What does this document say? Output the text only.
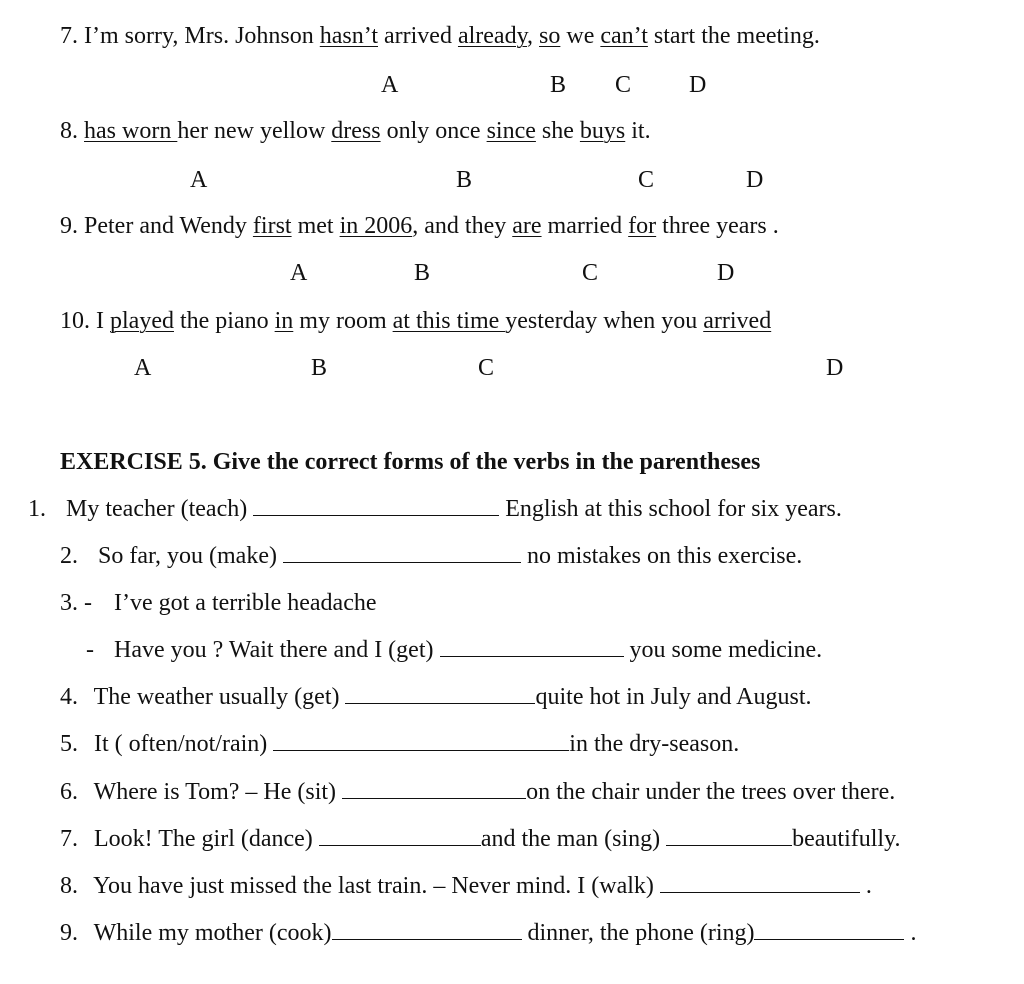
7. I’m sorry, Mrs. Johnson hasn’t arrived already, so we can’t start the meeting.
A	B C D
8. has worn her new yellow dress only once since she buys it.
A	B	C	D
9. Peter and Wendy first met in 2006, and they are married for three years .
A	B	C	D
10. I played the piano in my room at this time yesterday when you arrived
A	B	C	D
EXERCISE 5. Give the correct forms of the verbs in the parentheses
1. My teacher (teach)	English at this school for six years.
2. So far, you (make)	no mistakes on this exercise.
3. - I’ve got a terrible headache
- Have you ? Wait there and I (get)	you some medicine.
4. The weather usually (get)	quite hot in July and August.
5. It ( often/not/rain)	in the dry-season.
6. Where is Tom? – He (sit)	on the chair under the trees over there.
7. Look! The girl (dance)	and the man (sing)	beautifully.
8. You have just missed the last train. – Never mind. I (walk)	.
9. While my mother (cook)	dinner, the phone (ring)	.
